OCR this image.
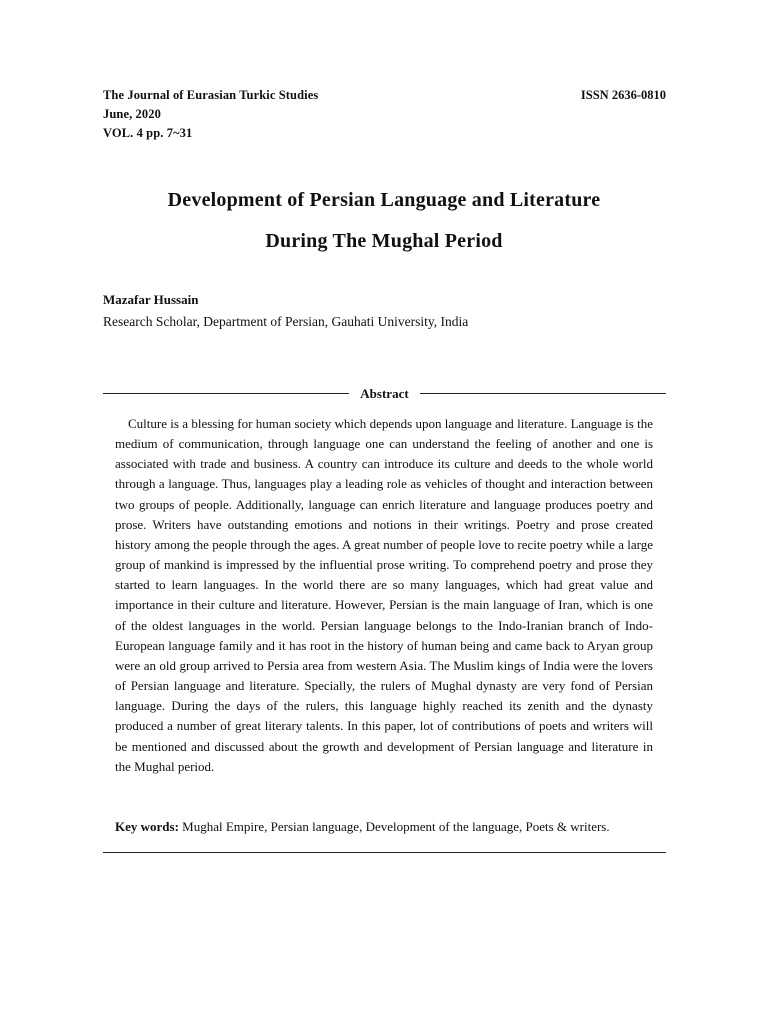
The Journal of Eurasian Turkic Studies
June, 2020
VOL. 4 pp. 7~31
ISSN 2636-0810
Development of Persian Language and Literature
During The Mughal Period
Mazafar Hussain
Research Scholar, Department of Persian, Gauhati University, India
Abstract

Culture is a blessing for human society which depends upon language and literature. Language is the medium of communication, through language one can understand the feeling of another and one is associated with trade and business. A country can introduce its culture and deeds to the whole world through a language. Thus, languages play a leading role as vehicles of thought and interaction between two groups of people. Additionally, language can enrich literature and language produces poetry and prose. Writers have outstanding emotions and notions in their writings. Poetry and prose created history among the people through the ages. A great number of people love to recite poetry while a large group of mankind is impressed by the influential prose writing. To comprehend poetry and prose they started to learn languages. In the world there are so many languages, which had great value and importance in their culture and literature. However, Persian is the main language of Iran, which is one of the oldest languages in the world. Persian language belongs to the Indo-Iranian branch of Indo-European language family and it has root in the history of human being and came back to Aryan group were an old group arrived to Persia area from western Asia. The Muslim kings of India were the lovers of Persian language and literature. Specially, the rulers of Mughal dynasty are very fond of Persian language. During the days of the rulers, this language highly reached its zenith and the dynasty produced a number of great literary talents. In this paper, lot of contributions of poets and writers will be mentioned and discussed about the growth and development of Persian language and literature in the Mughal period.

Key words: Mughal Empire, Persian language, Development of the language, Poets & writers.
